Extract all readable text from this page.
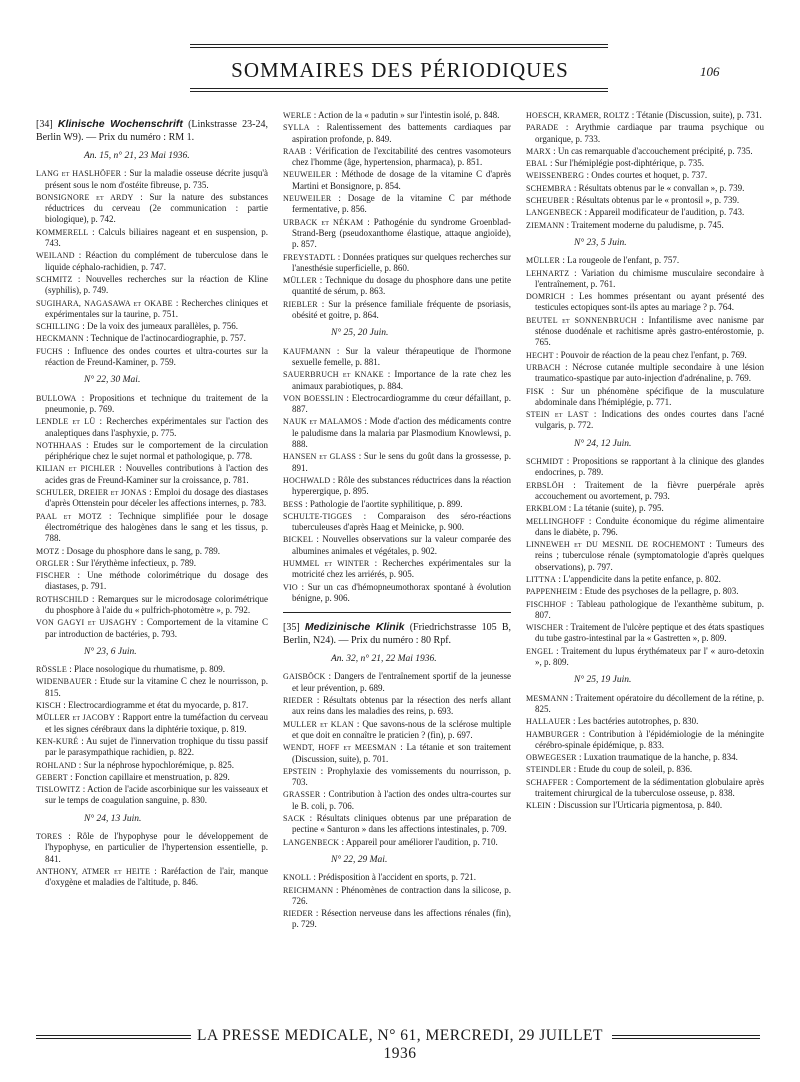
SOMMAIRES DES PÉRIODIQUES	106

[34] Klinische Wochenschrift (Linkstrasse 23-24, Berlin W9). — Prix du numéro : RM 1.

An. 15, n° 21, 23 Mai 1936.

LANG et HASLHÖFER : Sur la maladie osseuse décrite jusqu'à présent sous le nom d'ostéite fibreuse, p. 735.

BONSIGNORE et ARDY : Sur la nature des substances réductrices du cerveau (2e communication : partie biologique), p. 742.

KOMMERELL : Calculs biliaires nageant et en suspension, p. 743.

WEILAND : Réaction du complément de tuberculose dans le liquide céphalo-rachidien, p. 747.

SCHMITZ : Nouvelles recherches sur la réaction de Kline (syphilis), p. 749.

SUGIHARA, NAGASAWA et OKABE : Recherches cliniques et expérimentales sur la taurine, p. 751.

SCHILLING : De la voix des jumeaux parallèles, p. 756.

HECKMANN : Technique de l'actinocardiographie, p. 757.

FUCHS : Influence des ondes courtes et ultra-courtes sur la réaction de Freund-Kaminer, p. 759.

N° 22, 30 Mai.

BULLOWA : Propositions et technique du traitement de la pneumonie, p. 769.

LENDLE et LÜ : Recherches expérimentales sur l'action des analeptiques dans l'asphyxie, p. 775.

NOTHHAAS : Etudes sur le comportement de la circulation périphérique chez le sujet normal et pathologique, p. 778.

KILIAN et PICHLER : Nouvelles contributions à l'action des acides gras de Freund-Kaminer sur la croissance, p. 781.

SCHULER, DREIER et JONAS : Emploi du dosage des diastases d'après Ottenstein pour déceler les affections internes, p. 783.

PAAL et MOTZ : Technique simplifiée pour le dosage électrométrique des halogènes dans le sang et les tissus, p. 788.

MOTZ : Dosage du phosphore dans le sang, p. 789.

ORGLER : Sur l'érythème infectieux, p. 789.

FISCHER : Une méthode colorimétrique du dosage des diastases, p. 791.

ROTHSCHILD : Remarques sur le microdosage colorimétrique du phosphore à l'aide du « pulfrich-photomètre », p. 792.

VON GAGYI et UJSAGHY : Comportement de la vitamine C par introduction de bactéries, p. 793.

N° 23, 6 Juin.

RÖSSLE : Place nosologique du rhumatisme, p. 809.

WIDENBAUER : Etude sur la vitamine C chez le nourrisson, p. 815.

KISCH : Electrocardiogramme et état du myocarde, p. 817.

MÜLLER et JACOBY : Rapport entre la tuméfaction du cerveau et les signes cérébraux dans la diphtérie toxique, p. 819.

KEN-KURÉ : Au sujet de l'innervation trophique du tissu passif par le parasympathique rachidien, p. 822.

ROHLAND : Sur la néphrose hypochlorémique, p. 825.

GEBERT : Fonction capillaire et menstruation, p. 829.

TISLOWITZ : Action de l'acide ascorbinique sur les vaisseaux et sur le temps de coagulation sanguine, p. 830.

N° 24, 13 Juin.

TORES : Rôle de l'hypophyse pour le développement de l'hypophyse, en particulier de l'hypertension essentielle, p. 841.

ANTHONY, ATMER et HEITE : Raréfaction de l'air, manque d'oxygène et maladies de l'altitude, p. 846.

WERLE : Action de la « padutin » sur l'intestin isolé, p. 848.

SYLLA : Ralentissement des battements cardiaques par aspiration profonde, p. 849.

RAAB : Vérification de l'excitabilité des centres vasomoteurs chez l'homme (âge, hypertension, pharmaca), p. 851.

NEUWEILER : Méthode de dosage de la vitamine C d'après Martini et Bonsignore, p. 854.

NEUWEILER : Dosage de la vitamine C par méthode fermentative, p. 856.

URBACK et NÉKAM : Pathogénie du syndrome Groenblad-Strand-Berg (pseudoxanthome élastique, attaque angioïde), p. 857.

FREYSTADTL : Données pratiques sur quelques recherches sur l'anesthésie superficielle, p. 860.

MÜLLER : Technique du dosage du phosphore dans une petite quantité de sérum, p. 863.

RIEBLER : Sur la présence familiale fréquente de psoriasis, obésité et goitre, p. 864.

N° 25, 20 Juin.

KAUFMANN : Sur la valeur thérapeutique de l'hormone sexuelle femelle, p. 881.

SAUERBRUCH et KNAKE : Importance de la rate chez les animaux parabiotiques, p. 884.

VON BOESSLIN : Electrocardiogramme du cœur défaillant, p. 887.

NAUK et MALAMOS : Mode d'action des médicaments contre le paludisme dans la malaria par Plasmodium Knowlewsi, p. 888.

HANSEN et GLASS : Sur le sens du goût dans la grossesse, p. 891.

HOCHWALD : Rôle des substances réductrices dans la réaction hyperergique, p. 895.

BESS : Pathologie de l'aortite syphilitique, p. 899.

SCHULTE-TIGGES : Comparaison des séro-réactions tuberculeuses d'après Haag et Meinicke, p. 900.

BICKEL : Nouvelles observations sur la valeur comparée des albumines animales et végétales, p. 902.

HUMMEL et WINTER : Recherches expérimentales sur la motricité chez les arriérés, p. 905.

VIO : Sur un cas d'hémopneumothorax spontané à évolution bénigne, p. 906.

[35] Medizinische Klinik (Friedrichstrasse 105 B, Berlin, N24). — Prix du numéro : 80 Rpf.

An. 32, n° 21, 22 Mai 1936.

GAISBÖCK : Dangers de l'entraînement sportif de la jeunesse et leur prévention, p. 689.

RIEDER : Résultats obtenus par la résection des nerfs allant aux reins dans les maladies des reins, p. 693.

MULLER et KLAN : Que savons-nous de la sclérose multiple et que doit en connaître le praticien ? (fin), p. 697.

WENDT, HOFF et MEESMAN : La tétanie et son traitement (Discussion, suite), p. 701.

EPSTEIN : Prophylaxie des vomissements du nourrisson, p. 703.

GRASSER : Contribution à l'action des ondes ultra-courtes sur le B. coli, p. 706.

SACK : Résultats cliniques obtenus par une préparation de pectine « Santuron » dans les affections intestinales, p. 709.

LANGENBECK : Appareil pour améliorer l'audition, p. 710.

N° 22, 29 Mai.

KNOLL : Prédisposition à l'accident en sports, p. 721.

REICHMANN : Phénomènes de contraction dans la silicose, p. 726.

RIEDER : Résection nerveuse dans les affections rénales (fin), p. 729.

HOESCH, KRAMER, ROLTZ : Tétanie (Discussion, suite), p. 731.

PARADE : Arythmie cardiaque par trauma psychique ou organique, p. 733.

MARX : Un cas remarquable d'accouchement précipité, p. 735.

EBAL : Sur l'hémiplégie post-diphtérique, p. 735.

WEISSENBERG : Ondes courtes et hoquet, p. 737.

SCHEMBRA : Résultats obtenus par le « convallan », p. 739.

SCHEUBER : Résultats obtenus par le « prontosil », p. 739.

LANGENBECK : Appareil modificateur de l'audition, p. 743.

ZIEMANN : Traitement moderne du paludisme, p. 745.

N° 23, 5 Juin.

MÜLLER : La rougeole de l'enfant, p. 757.

LEHNARTZ : Variation du chimisme musculaire secondaire à l'entraînement, p. 761.

DOMRICH : Les hommes présentant ou ayant présenté des testicules ectopiques sont-ils aptes au mariage ? p. 764.

BEUTEL et SONNENBRUCH : Infantilisme avec nanisme par sténose duodénale et rachitisme après gastro-entérostomie, p. 765.

HECHT : Pouvoir de réaction de la peau chez l'enfant, p. 769.

URBACH : Nécrose cutanée multiple secondaire à une lésion traumatico-spastique par auto-injection d'adrénaline, p. 769.

FISK : Sur un phénomène spécifique de la musculature abdominale dans l'hémiplégie, p. 771.

STEIN et LAST : Indications des ondes courtes dans l'acné vulgaris, p. 772.

N° 24, 12 Juin.

SCHMIDT : Propositions se rapportant à la clinique des glandes endocrines, p. 789.

ERBSLÖH : Traitement de la fièvre puerpérale après accouchement ou avortement, p. 793.

ERKBLOM : La tétanie (suite), p. 795.

MELLINGHOFF : Conduite économique du régime alimentaire dans le diabète, p. 796.

LINNEWEH et DU MESNIL DE ROCHEMONT : Tumeurs des reins ; tuberculose rénale (symptomatologie d'après quelques observations), p. 797.

LITTNA : L'appendicite dans la petite enfance, p. 802.

PAPPENHEIM : Etude des psychoses de la pellagre, p. 803.

FISCHHOF : Tableau pathologique de l'exanthème subitum, p. 807.

WISCHER : Traitement de l'ulcère peptique et des états spastiques du tube gastro-intestinal par la « Gastretten », p. 809.

ENGEL : Traitement du lupus érythémateux par l' « auro-detoxin », p. 809.

N° 25, 19 Juin.

MESMANN : Traitement opératoire du décollement de la rétine, p. 825.

HALLAUER : Les bactéries autotrophes, p. 830.

HAMBURGER : Contribution à l'épidémiologie de la méningite cérébro-spinale épidémique, p. 833.

OBWEGESER : Luxation traumatique de la hanche, p. 834.

STEINDLER : Etude du coup de soleil, p. 836.

SCHAFFER : Comportement de la sédimentation globulaire après traitement chirurgical de la tuberculose osseuse, p. 838.

KLEIN : Discussion sur l'Urticaria pigmentosa, p. 840.

LA PRESSE MEDICALE, N° 61, MERCREDI, 29 JUILLET 1936
